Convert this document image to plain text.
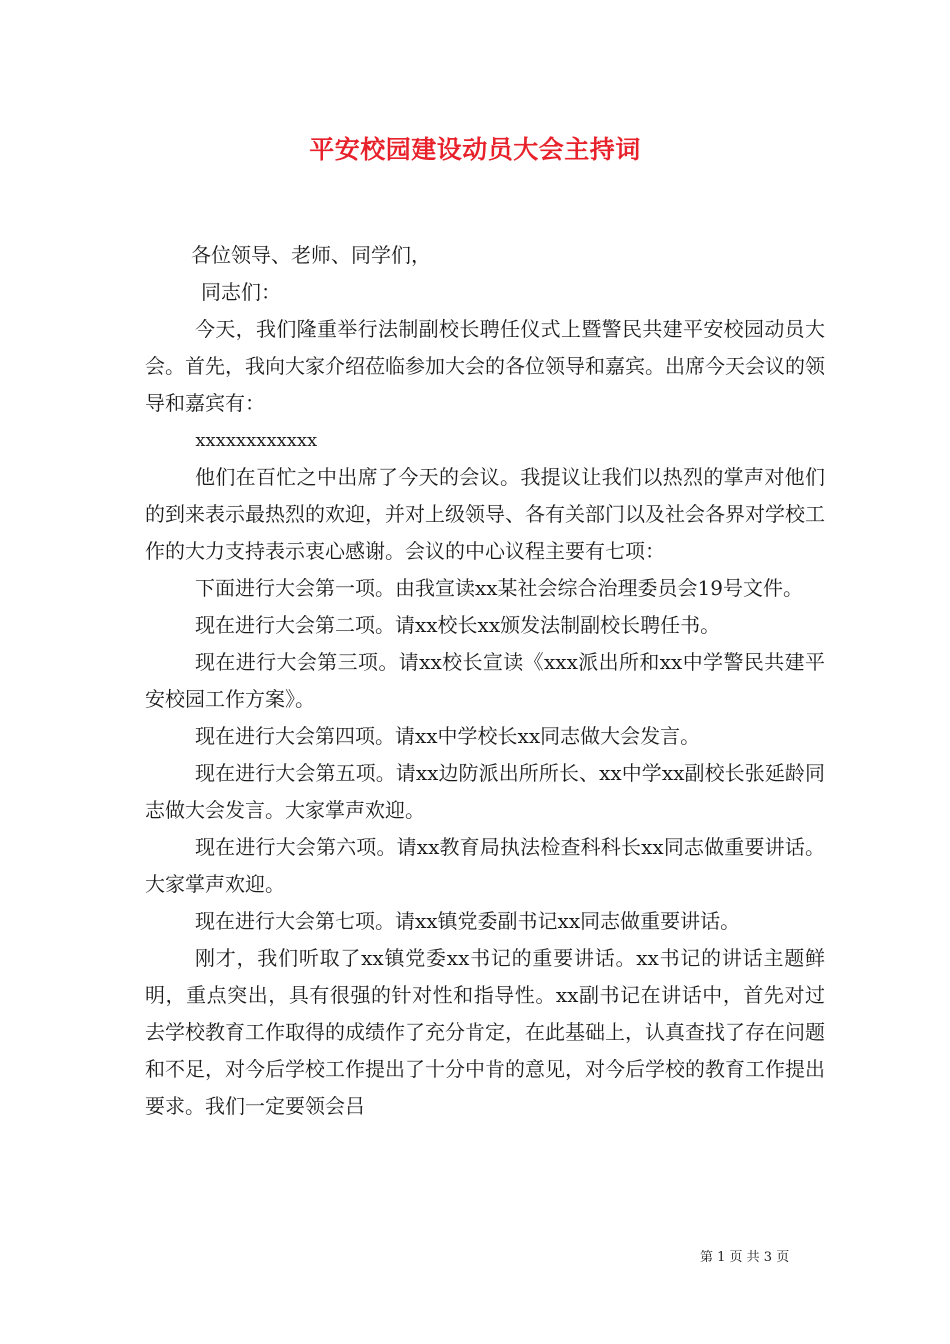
平安校园建设动员大会主持词

各位领导、老师、同学们，

同志们：

今天，我们隆重举行法制副校长聘任仪式上暨警民共建平安校园动员大会。首先，我向大家介绍莅临参加大会的各位领导和嘉宾。出席今天会议的领导和嘉宾有：

xxxxxxxxxxxx

他们在百忙之中出席了今天的会议。我提议让我们以热烈的掌声对他们的到来表示最热烈的欢迎，并对上级领导、各有关部门以及社会各界对学校工作的大力支持表示衷心感谢。会议的中心议程主要有七项：

下面进行大会第一项。由我宣读xx某社会综合治理委员会19号文件。

现在进行大会第二项。请xx校长xx颁发法制副校长聘任书。

现在进行大会第三项。请xx校长宣读《xxx派出所和xx中学警民共建平安校园工作方案》。

现在进行大会第四项。请xx中学校长xx同志做大会发言。

现在进行大会第五项。请xx边防派出所所长、xx中学xx副校长张延龄同志做大会发言。大家掌声欢迎。

现在进行大会第六项。请xx教育局执法检查科科长xx同志做重要讲话。大家掌声欢迎。

现在进行大会第七项。请xx镇党委副书记xx同志做重要讲话。

刚才，我们听取了xx镇党委xx书记的重要讲话。xx书记的讲话主题鲜明，重点突出，具有很强的针对性和指导性。xx副书记在讲话中，首先对过去学校教育工作取得的成绩作了充分肯定，在此基础上，认真查找了存在问题和不足，对今后学校工作提出了十分中肯的意见，对今后学校的教育工作提出要求。我们一定要领会吕

第 1 页 共 3 页
